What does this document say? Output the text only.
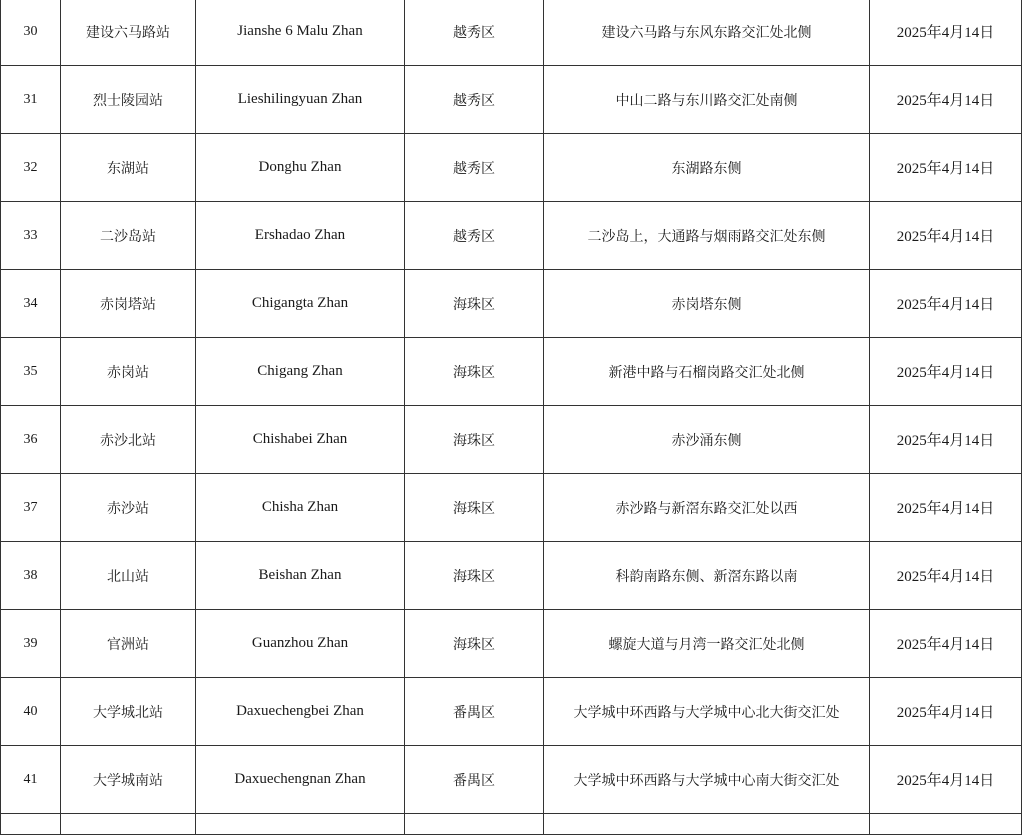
30	建设六马路站	Jianshe 6 Malu Zhan	越秀区	建设六马路与东风东路交汇处北侧	2025年4月14日
31	烈士陵园站	Lieshilingyuan Zhan	越秀区	中山二路与东川路交汇处南侧	2025年4月14日
32	东湖站	Donghu Zhan	越秀区	东湖路东侧	2025年4月14日
33	二沙岛站	Ershadao Zhan	越秀区	二沙岛上，大通路与烟雨路交汇处东侧	2025年4月14日
34	赤岗塔站	Chigangta Zhan	海珠区	赤岗塔东侧	2025年4月14日
35	赤岗站	Chigang Zhan	海珠区	新港中路与石榴岗路交汇处北侧	2025年4月14日
36	赤沙北站	Chishabei Zhan	海珠区	赤沙涌东侧	2025年4月14日
37	赤沙站	Chisha Zhan	海珠区	赤沙路与新滘东路交汇处以西	2025年4月14日
38	北山站	Beishan Zhan	海珠区	科韵南路东侧、新滘东路以南	2025年4月14日
39	官洲站	Guanzhou Zhan	海珠区	螺旋大道与月湾一路交汇处北侧	2025年4月14日
40	大学城北站	Daxuechengbei Zhan	番禺区	大学城中环西路与大学城中心北大街交汇处	2025年4月14日
41	大学城南站	Daxuechengnan Zhan	番禺区	大学城中环西路与大学城中心南大街交汇处	2025年4月14日
